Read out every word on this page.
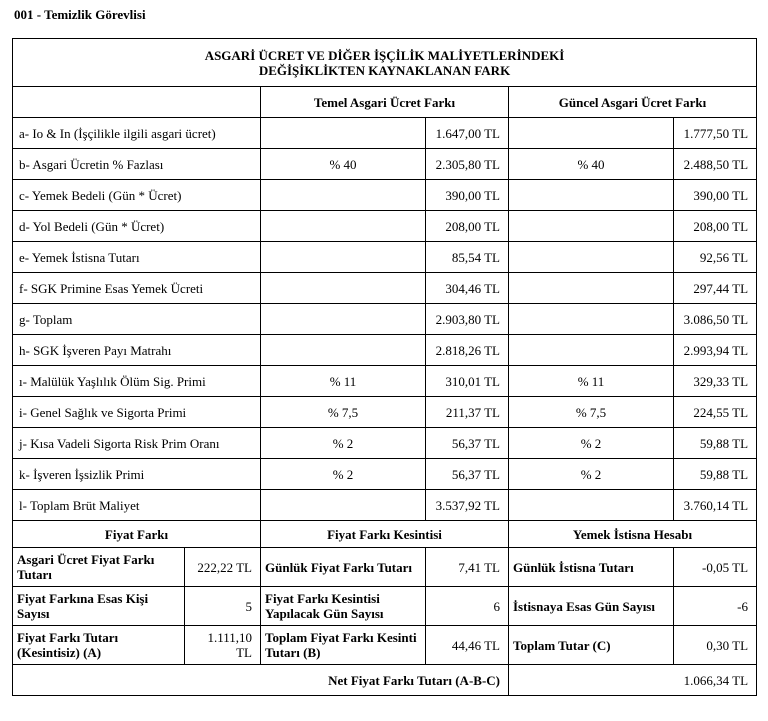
001 - Temizlik Görevlisi
ASGARİ ÜCRET VE DİĞER İŞÇİLİK MALİYETLERİNDEKİ
DEĞİŞİKLİKTEN KAYNAKLANAN FARK					

		Temel Asgari Ücret Farkı		Güncel Asgari Ücret Farkı	
a- Io & In (İşçilikle ilgili asgari ücret)			1.647,00 TL		1.777,50 TL
b- Asgari Ücretin % Fazlası		% 40	2.305,80 TL	% 40	2.488,50 TL
c- Yemek Bedeli (Gün * Ücret)			390,00 TL		390,00 TL
d- Yol Bedeli (Gün * Ücret)			208,00 TL		208,00 TL
e- Yemek İstisna Tutarı			85,54 TL		92,56 TL
f- SGK Primine Esas Yemek Ücreti			304,46 TL		297,44 TL
g- Toplam			2.903,80 TL		3.086,50 TL
h- SGK İşveren Payı Matrahı			2.818,26 TL		2.993,94 TL
ı- Malülük Yaşlılık Ölüm Sig. Primi		% 11	310,01 TL	% 11	329,33 TL
i- Genel Sağlık ve Sigorta Primi		% 7,5	211,37 TL	% 7,5	224,55 TL
j- Kısa Vadeli Sigorta Risk Prim Oranı		% 2	56,37 TL	% 2	59,88 TL
k- İşveren İşsizlik Primi		% 2	56,37 TL	% 2	59,88 TL
l- Toplam Brüt Maliyet			3.537,92 TL		3.760,14 TL
Fiyat Farkı		Fiyat Farkı Kesintisi		Yemek İstisna Hesabı	
Asgari Ücret Fiyat Farkı Tutarı	222,22 TL	Günlük Fiyat Farkı Tutarı	7,41 TL	Günlük İstisna Tutarı	-0,05 TL
Fiyat Farkına Esas Kişi Sayısı	5	Fiyat Farkı Kesintisi Yapılacak Gün Sayısı	6	İstisnaya Esas Gün Sayısı	-6
Fiyat Farkı Tutarı (Kesintisiz) (A)	1.111,10 TL	Toplam Fiyat Farkı Kesinti Tutarı (B)	44,46 TL	Toplam Tutar (C)	0,30 TL
Net Fiyat Farkı Tutarı (A-B-C)				1.066,34 TL	
